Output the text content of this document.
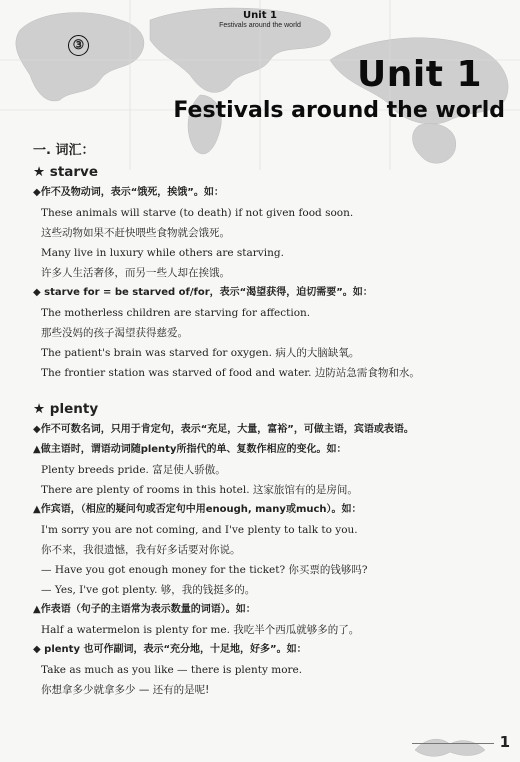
Unit 1
Festivals around the world
③
Unit 1
Festivals around the world
一. 词汇：
★ starve
◆作不及物动词，表示“饿死，挨饿”。如：
These animals will starve (to death) if not given food soon.
这些动物如果不赶快喂些食物就会饿死。
Many live in luxury while others are starving.
许多人生活奢侈，而另一些人却在挨饿。
◆ starve for = be starved of/for，表示“渴望获得，迫切需要”。如：
The motherless children are starving for affection.
那些没妈的孩子渴望获得慈爱。
The patient's brain was starved for oxygen. 病人的大脑缺氧。
The frontier station was starved of food and water. 边防站急需食物和水。
★ plenty
◆作不可数名词，只用于肯定句，表示“充足，大量，富裕”，可做主语，宾语或表语。
▲做主语时，谓语动词随plenty所指代的单、复数作相应的变化。如：
Plenty breeds pride. 富足使人骄傲。
There are plenty of rooms in this hotel. 这家旅馆有的是房间。
▲作宾语，（相应的疑问句或否定句中用enough, many或much）。如：
I'm sorry you are not coming, and I've plenty to talk to you.
你不来，我很遗憾，我有好多话要对你说。
— Have you got enough money for the ticket? 你买票的钱够吗?
— Yes, I've got plenty. 够，我的钱挺多的。
▲作表语（句子的主语常为表示数量的词语）。如：
Half a watermelon is plenty for me. 我吃半个西瓜就够多的了。
◆ plenty 也可作副词，表示“充分地，十足地，好多”。如：
Take as much as you like — there is plenty more.
你想拿多少就拿多少 — 还有的是呢!
1
